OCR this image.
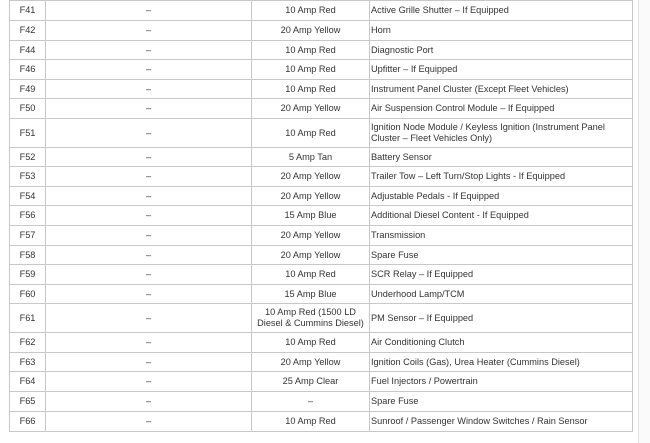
F41	–	10 Amp Red	Active Grille Shutter – If Equipped
F42	–	20 Amp Yellow	Horn
F44	–	10 Amp Red	Diagnostic Port
F46	–	10 Amp Red	Upfitter – If Equipped
F49	–	10 Amp Red	Instrument Panel Cluster (Except Fleet Vehicles)
F50	–	20 Amp Yellow	Air Suspension Control Module – If Equipped
F51	–	10 Amp Red	Ignition Node Module / Keyless Ignition (Instrument Panel Cluster – Fleet Vehicles Only)
F52	–	5 Amp Tan	Battery Sensor
F53	–	20 Amp Yellow	Trailer Tow – Left Turn/Stop Lights - If Equipped
F54	–	20 Amp Yellow	Adjustable Pedals - If Equipped
F56	–	15 Amp Blue	Additional Diesel Content - If Equipped
F57	–	20 Amp Yellow	Transmission
F58	–	20 Amp Yellow	Spare Fuse
F59	–	10 Amp Red	SCR Relay – If Equipped
F60	–	15 Amp Blue	Underhood Lamp/TCM
F61	–	10 Amp Red (1500 LD Diesel & Cummins Diesel)	PM Sensor – If Equipped
F62	–	10 Amp Red	Air Conditioning Clutch
F63	–	20 Amp Yellow	Ignition Coils (Gas), Urea Heater (Cummins Diesel)
F64	–	25 Amp Clear	Fuel Injectors / Powertrain
F65	–	–	Spare Fuse
F66	–	10 Amp Red	Sunroof / Passenger Window Switches / Rain Sensor
